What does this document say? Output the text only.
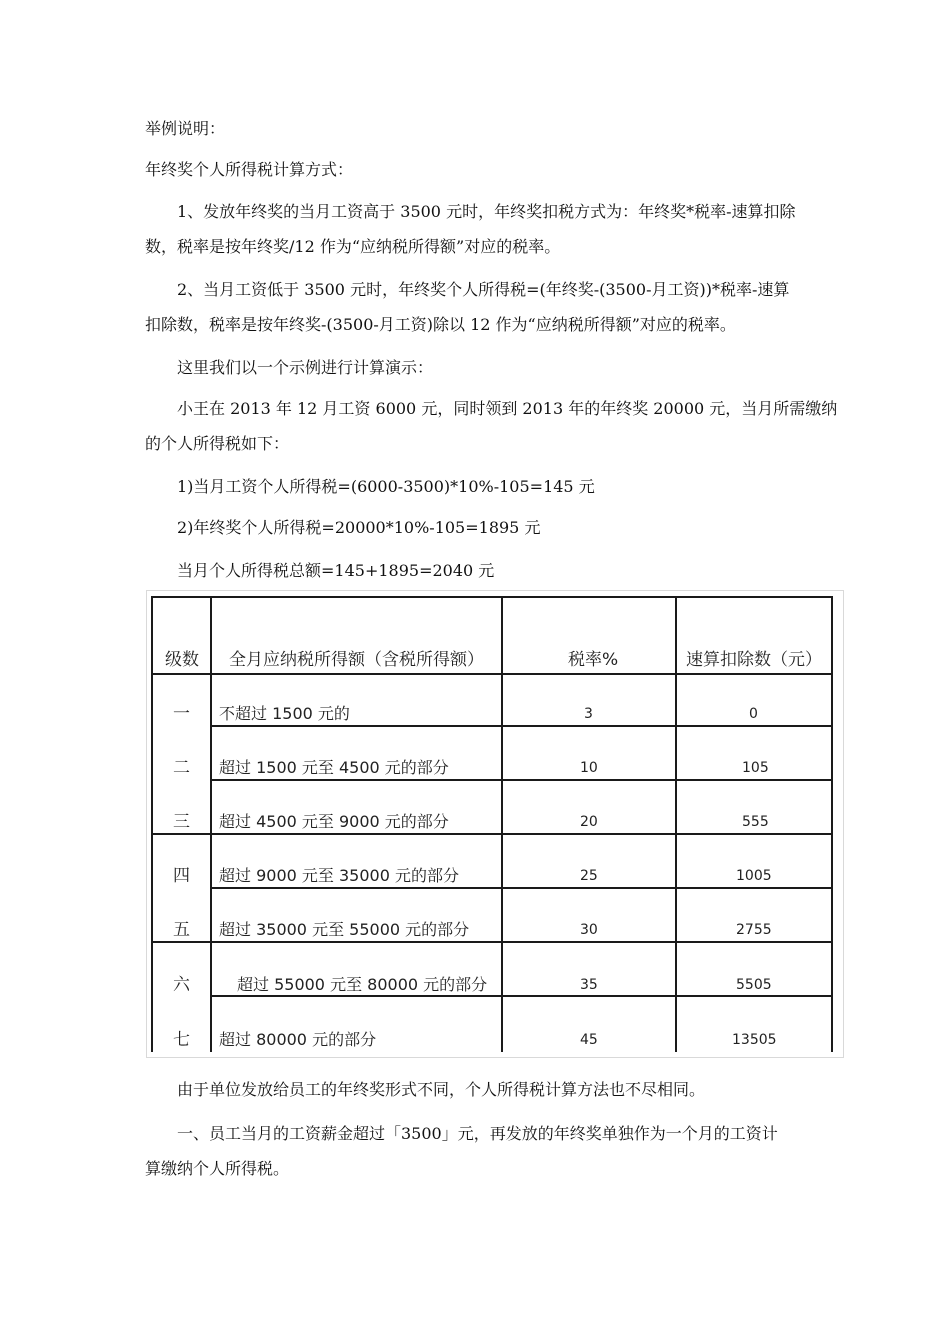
举例说明：
年终奖个人所得税计算方式：
1、发放年终奖的当月工资高于 3500 元时，年终奖扣税方式为：年终奖*税率-速算扣除
数，税率是按年终奖/12 作为“应纳税所得额”对应的税率。
2、当月工资低于 3500 元时，年终奖个人所得税=(年终奖-(3500-月工资))*税率-速算
扣除数，税率是按年终奖-(3500-月工资)除以 12 作为“应纳税所得额”对应的税率。
这里我们以一个示例进行计算演示：
小王在 2013 年 12 月工资 6000 元，同时领到 2013 年的年终奖 20000 元，当月所需缴纳
的个人所得税如下：
1)当月工资个人所得税=(6000-3500)*10%-105=145 元
2)年终奖个人所得税=20000*10%-105=1895 元
当月个人所得税总额=145+1895=2040 元
级数 全月应纳税所得额（含税所得额）	税率%	速算扣除数（元）
一 不超过 1500 元的	3	0
二 超过 1500 元至 4500 元的部分	10	105
三 超过 4500 元至 9000 元的部分	20	555
四 超过 9000 元至 35000 元的部分	25	1005
五 超过 35000 元至 55000 元的部分	30	2755
六	超过 55000 元至 80000 元的部分	35	5505
七 超过 80000 元的部分	45	13505
由于单位发放给员工的年终奖形式不同，个人所得税计算方法也不尽相同。
一、员工当月的工资薪金超过「3500」元，再发放的年终奖单独作为一个月的工资计
算缴纳个人所得税。
